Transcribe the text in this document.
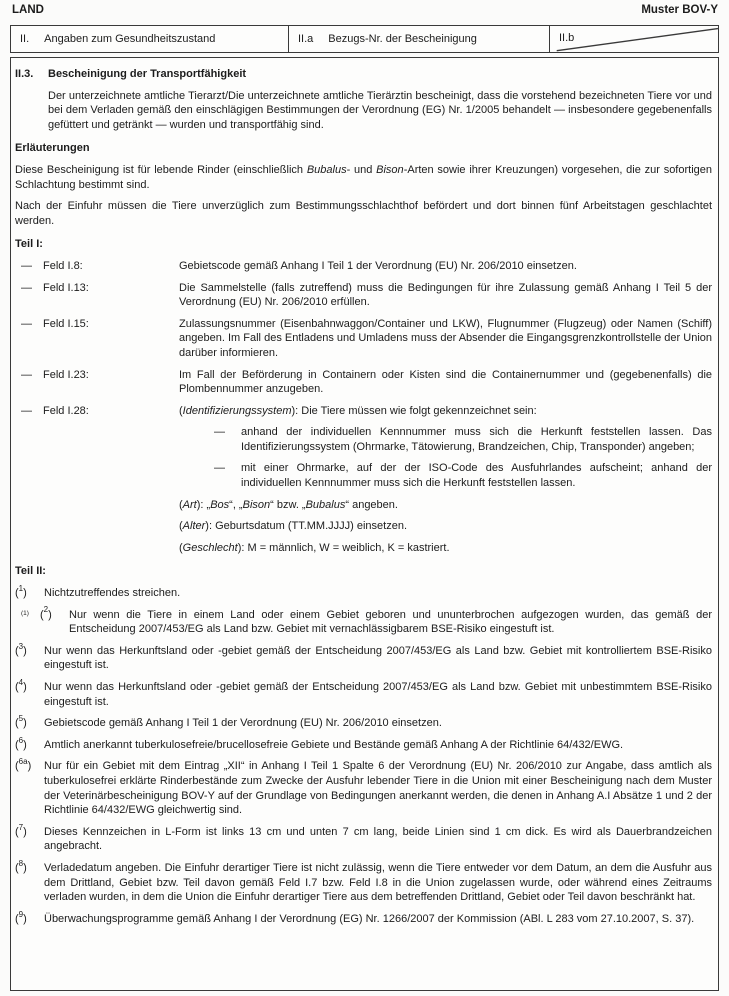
LAND	Muster BOV-Y
II. Angaben zum Gesundheitszustand	II.a Bezugs-Nr. der Bescheinigung	II.b
II.3.	Bescheinigung der Transportfähigkeit

Der unterzeichnete amtliche Tierarzt/Die unterzeichnete amtliche Tierärztin bescheinigt, dass die vorstehend bezeichneten Tiere vor und bei dem Verladen gemäß den einschlägigen Bestimmungen der Verordnung (EG) Nr. 1/2005 behandelt — insbesondere gegebenenfalls gefüttert und getränkt — wurden und transportfähig sind.

Erläuterungen

Diese Bescheinigung ist für lebende Rinder (einschließlich Bubalus- und Bison-Arten sowie ihrer Kreuzungen) vorgesehen, die zur sofortigen Schlachtung bestimmt sind.

Nach der Einfuhr müssen die Tiere unverzüglich zum Bestimmungsschlachthof befördert und dort binnen fünf Arbeitstagen geschlachtet werden.

Teil I:

—	Feld I.8:	Gebietscode gemäß Anhang I Teil 1 der Verordnung (EU) Nr. 206/2010 einsetzen.
—	Feld I.13:	Die Sammelstelle (falls zutreffend) muss die Bedingungen für ihre Zulassung gemäß Anhang I Teil 5 der Verordnung (EU) Nr. 206/2010 erfüllen.
—	Feld I.15:	Zulassungsnummer (Eisenbahnwaggon/Container und LKW), Flugnummer (Flugzeug) oder Namen (Schiff) angeben. Im Fall des Entladens und Umladens muss der Absender die Eingangsgrenzkontrollstelle der Union darüber informieren.
—	Feld I.23:	Im Fall der Beförderung in Containern oder Kisten sind die Containernummer und (gegebenenfalls) die Plombennummer anzugeben.
—	Feld I.28:	(Identifizierungssystem): Die Tiere müssen wie folgt gekennzeichnet sein:
—	anhand der individuellen Kennnummer muss sich die Herkunft feststellen lassen. Das Identifizierungssystem (Ohrmarke, Tätowierung, Brandzeichen, Chip, Transponder) angeben;
—	mit einer Ohrmarke, auf der der ISO-Code des Ausfuhrlandes aufscheint; anhand der individuellen Kennnummer muss sich die Herkunft feststellen lassen.
(Art): „Bos“, „Bison“ bzw. „Bubalus“ angeben.
(Alter): Geburtsdatum (TT.MM.JJJJ) einsetzen.
(Geschlecht): M = männlich, W = weiblich, K = kastriert.

Teil II:

($^1$)	Nichtzutreffendes streichen.
(1)	($^2$)	Nur wenn die Tiere in einem Land oder einem Gebiet geboren und ununterbrochen aufgezogen wurden, das gemäß der Entscheidung 2007/453/EG als Land bzw. Gebiet mit vernachlässigbarem BSE-Risiko eingestuft ist.
($^3$)	Nur wenn das Herkunftsland oder -gebiet gemäß der Entscheidung 2007/453/EG als Land bzw. Gebiet mit kontrolliertem BSE-Risiko eingestuft ist.
($^4$)	Nur wenn das Herkunftsland oder -gebiet gemäß der Entscheidung 2007/453/EG als Land bzw. Gebiet mit unbestimmtem BSE-Risiko eingestuft ist.
($^5$)	Gebietscode gemäß Anhang I Teil 1 der Verordnung (EU) Nr. 206/2010 einsetzen.
($^6$)	Amtlich anerkannt tuberkulosefreie/brucellosefreie Gebiete und Bestände gemäß Anhang A der Richtlinie 64/432/EWG.
($^{6a}$)	Nur für ein Gebiet mit dem Eintrag „XII“ in Anhang I Teil 1 Spalte 6 der Verordnung (EU) Nr. 206/2010 zur Angabe, dass amtlich als tuberkulosefrei erklärte Rinderbestände zum Zwecke der Ausfuhr lebender Tiere in die Union mit einer Bescheinigung nach dem Muster der Veterinärbescheinigung BOV-Y auf der Grundlage von Bedingungen anerkannt werden, die denen in Anhang A.I Absätze 1 und 2 der Richtlinie 64/432/EWG gleichwertig sind.
($^7$)	Dieses Kennzeichen in L-Form ist links 13 cm und unten 7 cm lang, beide Linien sind 1 cm dick. Es wird als Dauerbrandzeichen angebracht.
($^8$)	Verladedatum angeben. Die Einfuhr derartiger Tiere ist nicht zulässig, wenn die Tiere entweder vor dem Datum, an dem die Ausfuhr aus dem Drittland, Gebiet bzw. Teil davon gemäß Feld I.7 bzw. Feld I.8 in die Union zugelassen wurde, oder während eines Zeitraums verladen wurden, in dem die Union die Einfuhr derartiger Tiere aus dem betreffenden Drittland, Gebiet oder Teil davon beschränkt hat.
($^9$)	Überwachungsprogramme gemäß Anhang I der Verordnung (EG) Nr. 1266/2007 der Kommission (ABl. L 283 vom 27.10.2007, S. 37).
